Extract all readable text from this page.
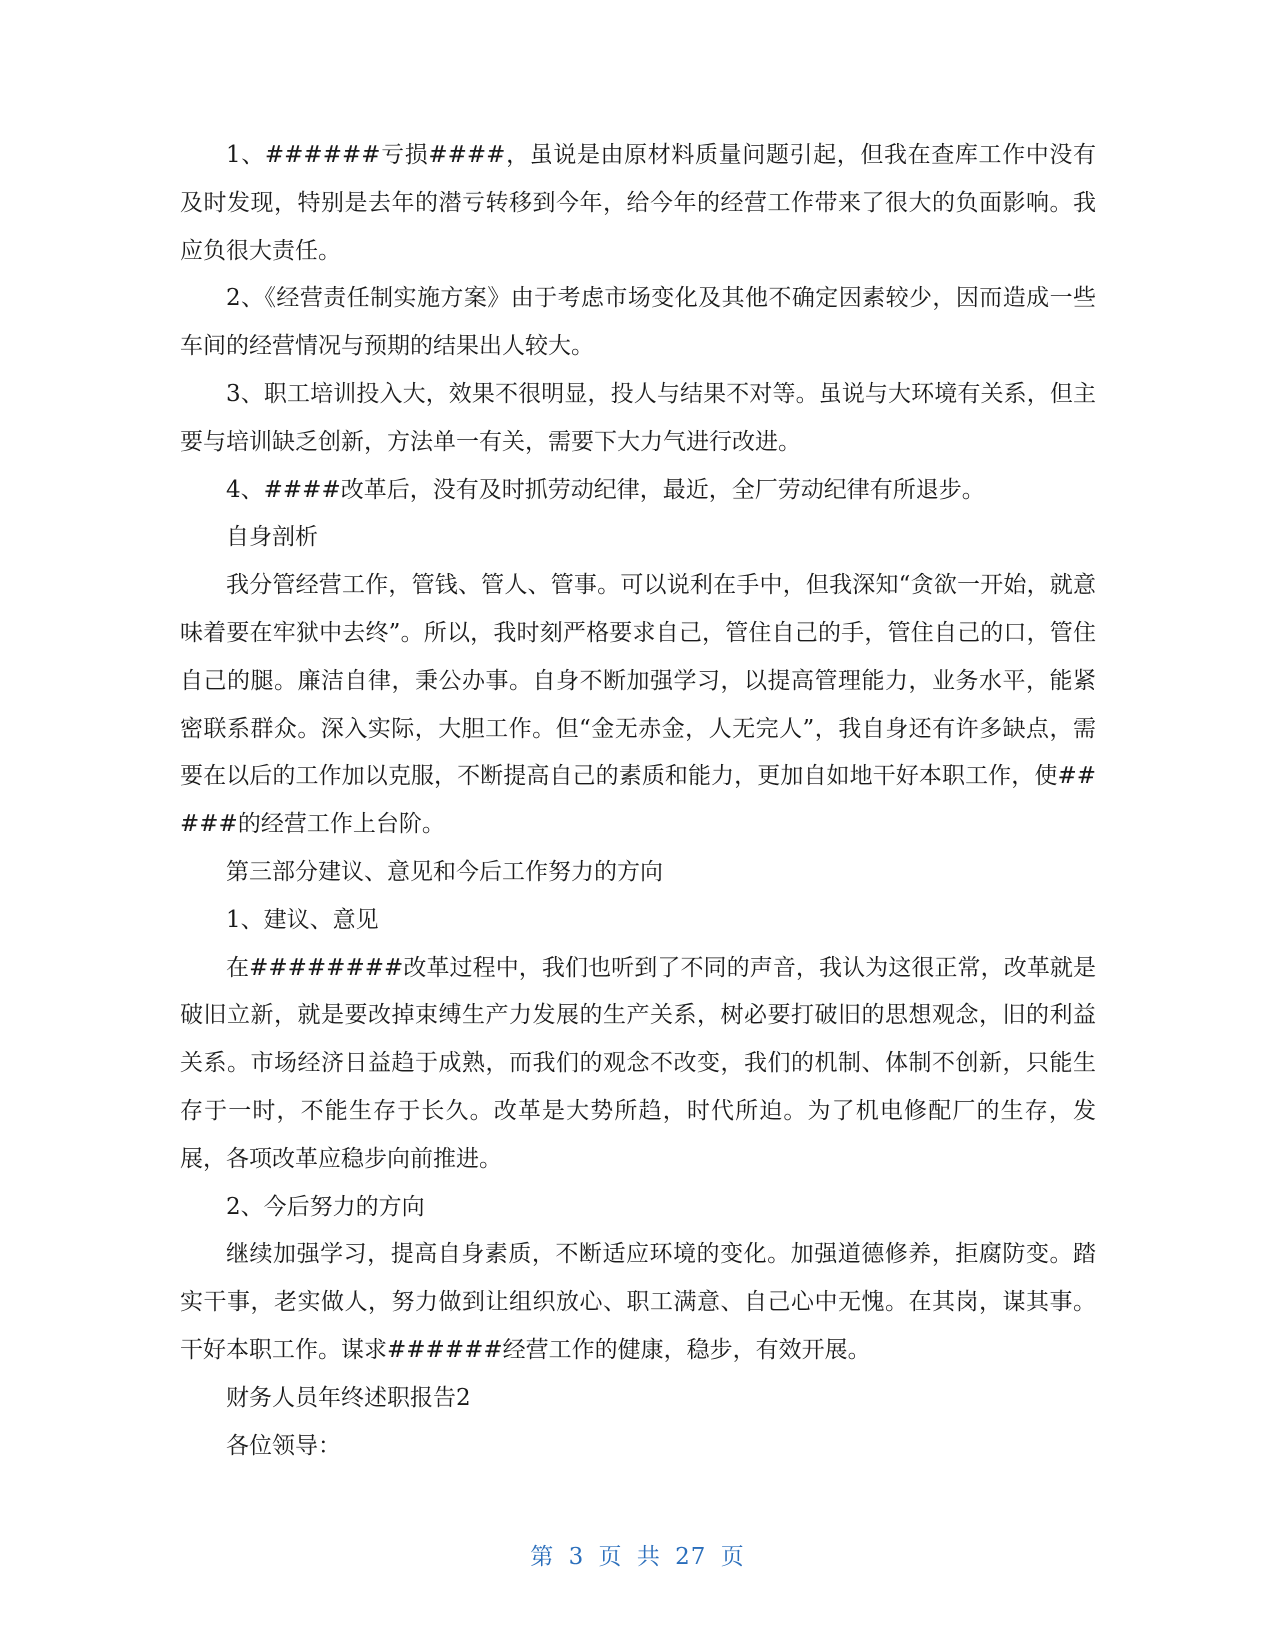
1、######亏损####，虽说是由原材料质量问题引起，但我在查库工作中没有及时发现，特别是去年的潜亏转移到今年，给今年的经营工作带来了很大的负面影响。我应负很大责任。

2、《经营责任制实施方案》由于考虑市场变化及其他不确定因素较少，因而造成一些车间的经营情况与预期的结果出人较大。

3、职工培训投入大，效果不很明显，投人与结果不对等。虽说与大环境有关系，但主要与培训缺乏创新，方法单一有关，需要下大力气进行改进。

4、####改革后，没有及时抓劳动纪律，最近，全厂劳动纪律有所退步。

自身剖析

我分管经营工作，管钱、管人、管事。可以说利在手中，但我深知“贪欲一开始，就意味着要在牢狱中去终”。所以，我时刻严格要求自己，管住自己的手，管住自己的口，管住自己的腿。廉洁自律，秉公办事。自身不断加强学习，以提高管理能力，业务水平，能紧密联系群众。深入实际，大胆工作。但“金无赤金，人无完人”，我自身还有许多缺点，需要在以后的工作加以克服，不断提高自己的素质和能力，更加自如地干好本职工作，使#####的经营工作上台阶。

第三部分建议、意见和今后工作努力的方向

1、建议、意见

在########改革过程中，我们也听到了不同的声音，我认为这很正常，改革就是破旧立新，就是要改掉束缚生产力发展的生产关系，树必要打破旧的思想观念，旧的利益关系。市场经济日益趋于成熟，而我们的观念不改变，我们的机制、体制不创新，只能生存于一时，不能生存于长久。改革是大势所趋，时代所迫。为了机电修配厂的生存，发展，各项改革应稳步向前推进。

2、今后努力的方向

继续加强学习，提高自身素质，不断适应环境的变化。加强道德修养，拒腐防变。踏实干事，老实做人，努力做到让组织放心、职工满意、自己心中无愧。在其岗，谋其事。干好本职工作。谋求######经营工作的健康，稳步，有效开展。

财务人员年终述职报告2

各位领导：

第 3 页 共 27 页
